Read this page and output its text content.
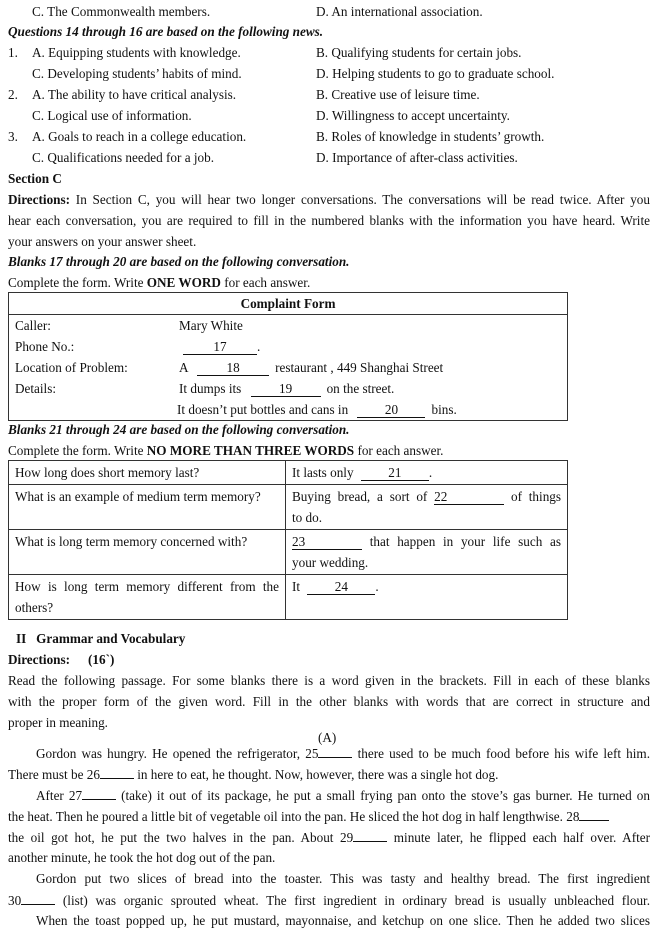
C. The Commonwealth members.	D. An international association.
Questions 14 through 16 are based on the following news.
1. A. Equipping students with knowledge.	B. Qualifying students for certain jobs.
C. Developing students’ habits of mind.	D. Helping students to go to graduate school.
2. A. The ability to have critical analysis.	B. Creative use of leisure time.
C. Logical use of information.	D. Willingness to accept uncertainty.
3. A. Goals to reach in a college education.	B. Roles of knowledge in students’ growth.
C. Qualifications needed for a job.	D. Importance of after-class activities.
Section C
Directions: In Section C, you will hear two longer conversations. The conversations will be read twice. After you
hear each conversation, you are required to fill in the numbered blanks with the information you have heard. Write
your answers on your answer sheet.
Blanks 17 through 20 are based on the following conversation.
Complete the form. Write ONE WORD for each answer.
Complaint Form	
Caller:	Mary White
Phone No.:	17 .
Location of Problem:	A 18 restaurant , 449 Shanghai Street
Details:	It dumps its 19 on the street.
	It doesn’t put bottles and cans in 20 bins.
Blanks 21 through 24 are based on the following conversation.
Complete the form. Write NO MORE THAN THREE WORDS for each answer.
How long does short memory last?	It lasts only 21 .
What is an example of medium term memory?	Buying bread, a sort of 22 of things
to do.

What is long term memory concerned with?	23 that happen in your life such as
your wedding.

How is long term memory different from the
others?	It 24 .
II   Grammar and Vocabulary
Directions: (16`)
Read the following passage. For some blanks there is a word given in the brackets. Fill in each of these blanks
with the proper form of the given word. Fill in the other blanks with words that are correct in structure and
proper in meaning.
(A)
Gordon was hungry. He opened the refrigerator, 25	there used to be much food before his wife left him.
There must be 26	in here to eat, he thought. Now, however, there was a single hot dog.
After 27	(take) it out of its package, he put a small frying pan onto the stove’s gas burner. He turned on
the heat. Then he poured a little bit of vegetable oil into the pan. He sliced the hot dog in half lengthwise. 28
the oil got hot, he put the two halves in the pan. About 29	minute later, he flipped each half over. After
another minute, he took the hot dog out of the pan.
Gordon put two slices of bread into the toaster. This was tasty and healthy bread. The first ingredient
30	(list) was organic sprouted wheat. The first ingredient in ordinary bread is usually unbleached flour.
When the toast popped up, he put mustard, mayonnaise, and ketchup on one slice. Then he added two slices
